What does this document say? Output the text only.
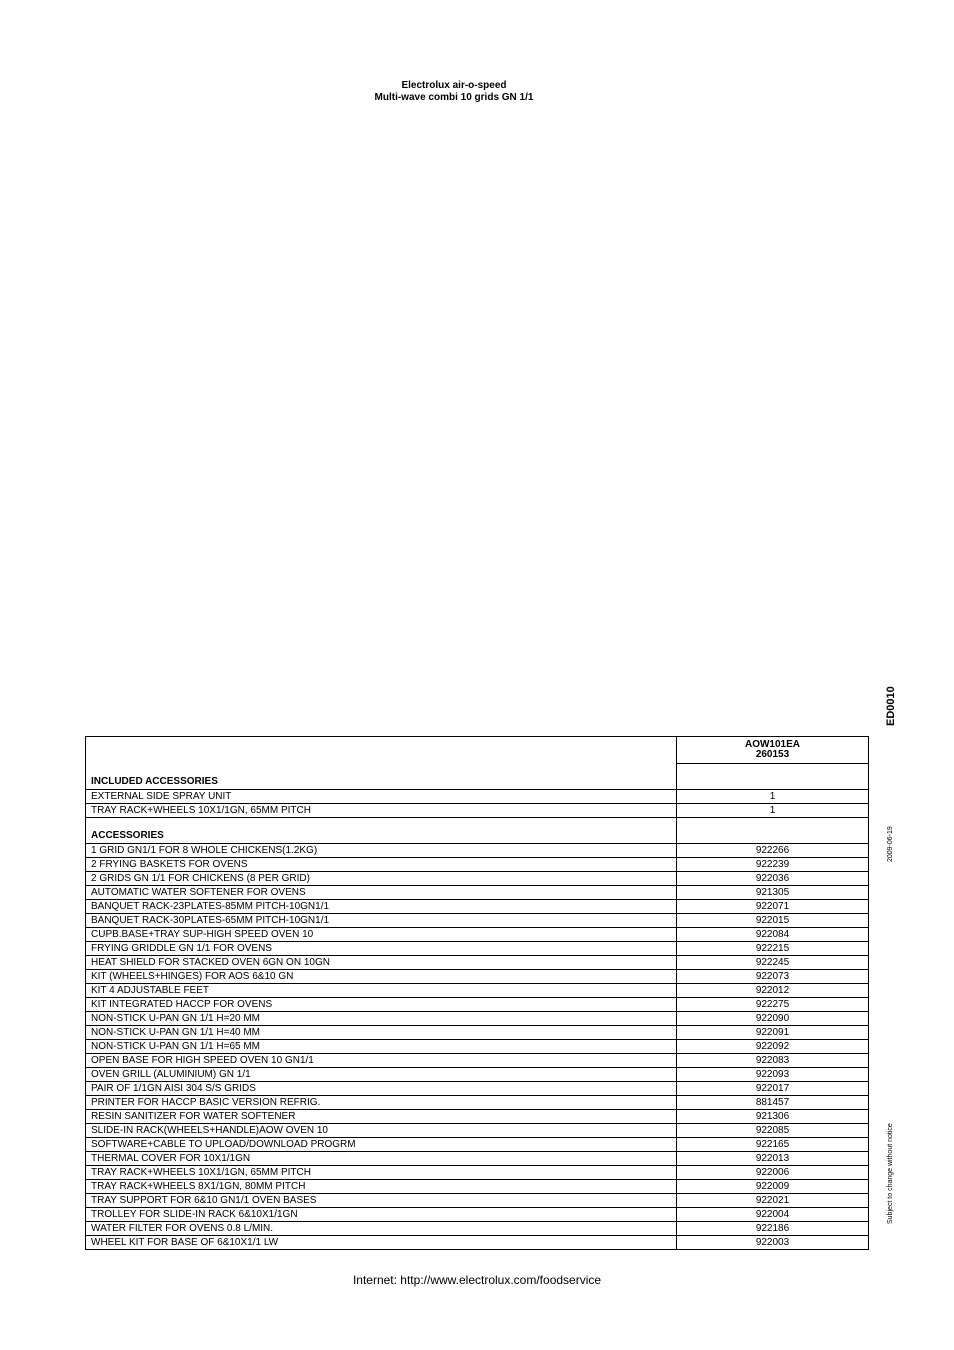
Electrolux air-o-speed
Multi-wave combi 10 grids GN 1/1

	AOW101EA
260153

INCLUDED ACCESSORIES	
EXTERNAL SIDE SPRAY UNIT	1
TRAY RACK+WHEELS 10X1/1GN, 65MM PITCH	1
ACCESSORIES	
1 GRID GN1/1 FOR 8 WHOLE CHICKENS(1.2KG)	922266
2 FRYING BASKETS FOR OVENS	922239
2 GRIDS GN 1/1 FOR CHICKENS (8 PER GRID)	922036
AUTOMATIC WATER SOFTENER FOR OVENS	921305
BANQUET RACK-23PLATES-85MM PITCH-10GN1/1	922071
BANQUET RACK-30PLATES-65MM PITCH-10GN1/1	922015
CUPB.BASE+TRAY SUP-HIGH SPEED OVEN 10	922084
FRYING GRIDDLE GN 1/1 FOR OVENS	922215
HEAT SHIELD FOR STACKED OVEN 6GN ON 10GN	922245
KIT (WHEELS+HINGES) FOR AOS 6&10 GN	922073
KIT 4 ADJUSTABLE FEET	922012
KIT INTEGRATED HACCP FOR OVENS	922275
NON-STICK U-PAN GN 1/1 H=20 MM	922090
NON-STICK U-PAN GN 1/1 H=40 MM	922091
NON-STICK U-PAN GN 1/1 H=65 MM	922092
OPEN BASE FOR HIGH SPEED OVEN 10 GN1/1	922083
OVEN GRILL (ALUMINIUM) GN 1/1	922093
PAIR OF 1/1GN AISI 304 S/S GRIDS	922017
PRINTER FOR HACCP BASIC VERSION REFRIG.	881457
RESIN SANITIZER FOR WATER SOFTENER	921306
SLIDE-IN RACK(WHEELS+HANDLE)AOW OVEN 10	922085
SOFTWARE+CABLE TO UPLOAD/DOWNLOAD PROGRM	922165
THERMAL COVER FOR 10X1/1GN	922013
TRAY RACK+WHEELS 10X1/1GN, 65MM PITCH	922006
TRAY RACK+WHEELS 8X1/1GN, 80MM PITCH	922009
TRAY SUPPORT FOR 6&10 GN1/1 OVEN BASES	922021
TROLLEY FOR SLIDE-IN RACK 6&10X1/1GN	922004
WATER FILTER FOR OVENS 0.8 L/MIN.	922186
WHEEL KIT FOR BASE OF 6&10X1/1 LW	922003
ED0010
2009-06-19
Subject to change without notice
Internet: http://www.electrolux.com/foodservice
